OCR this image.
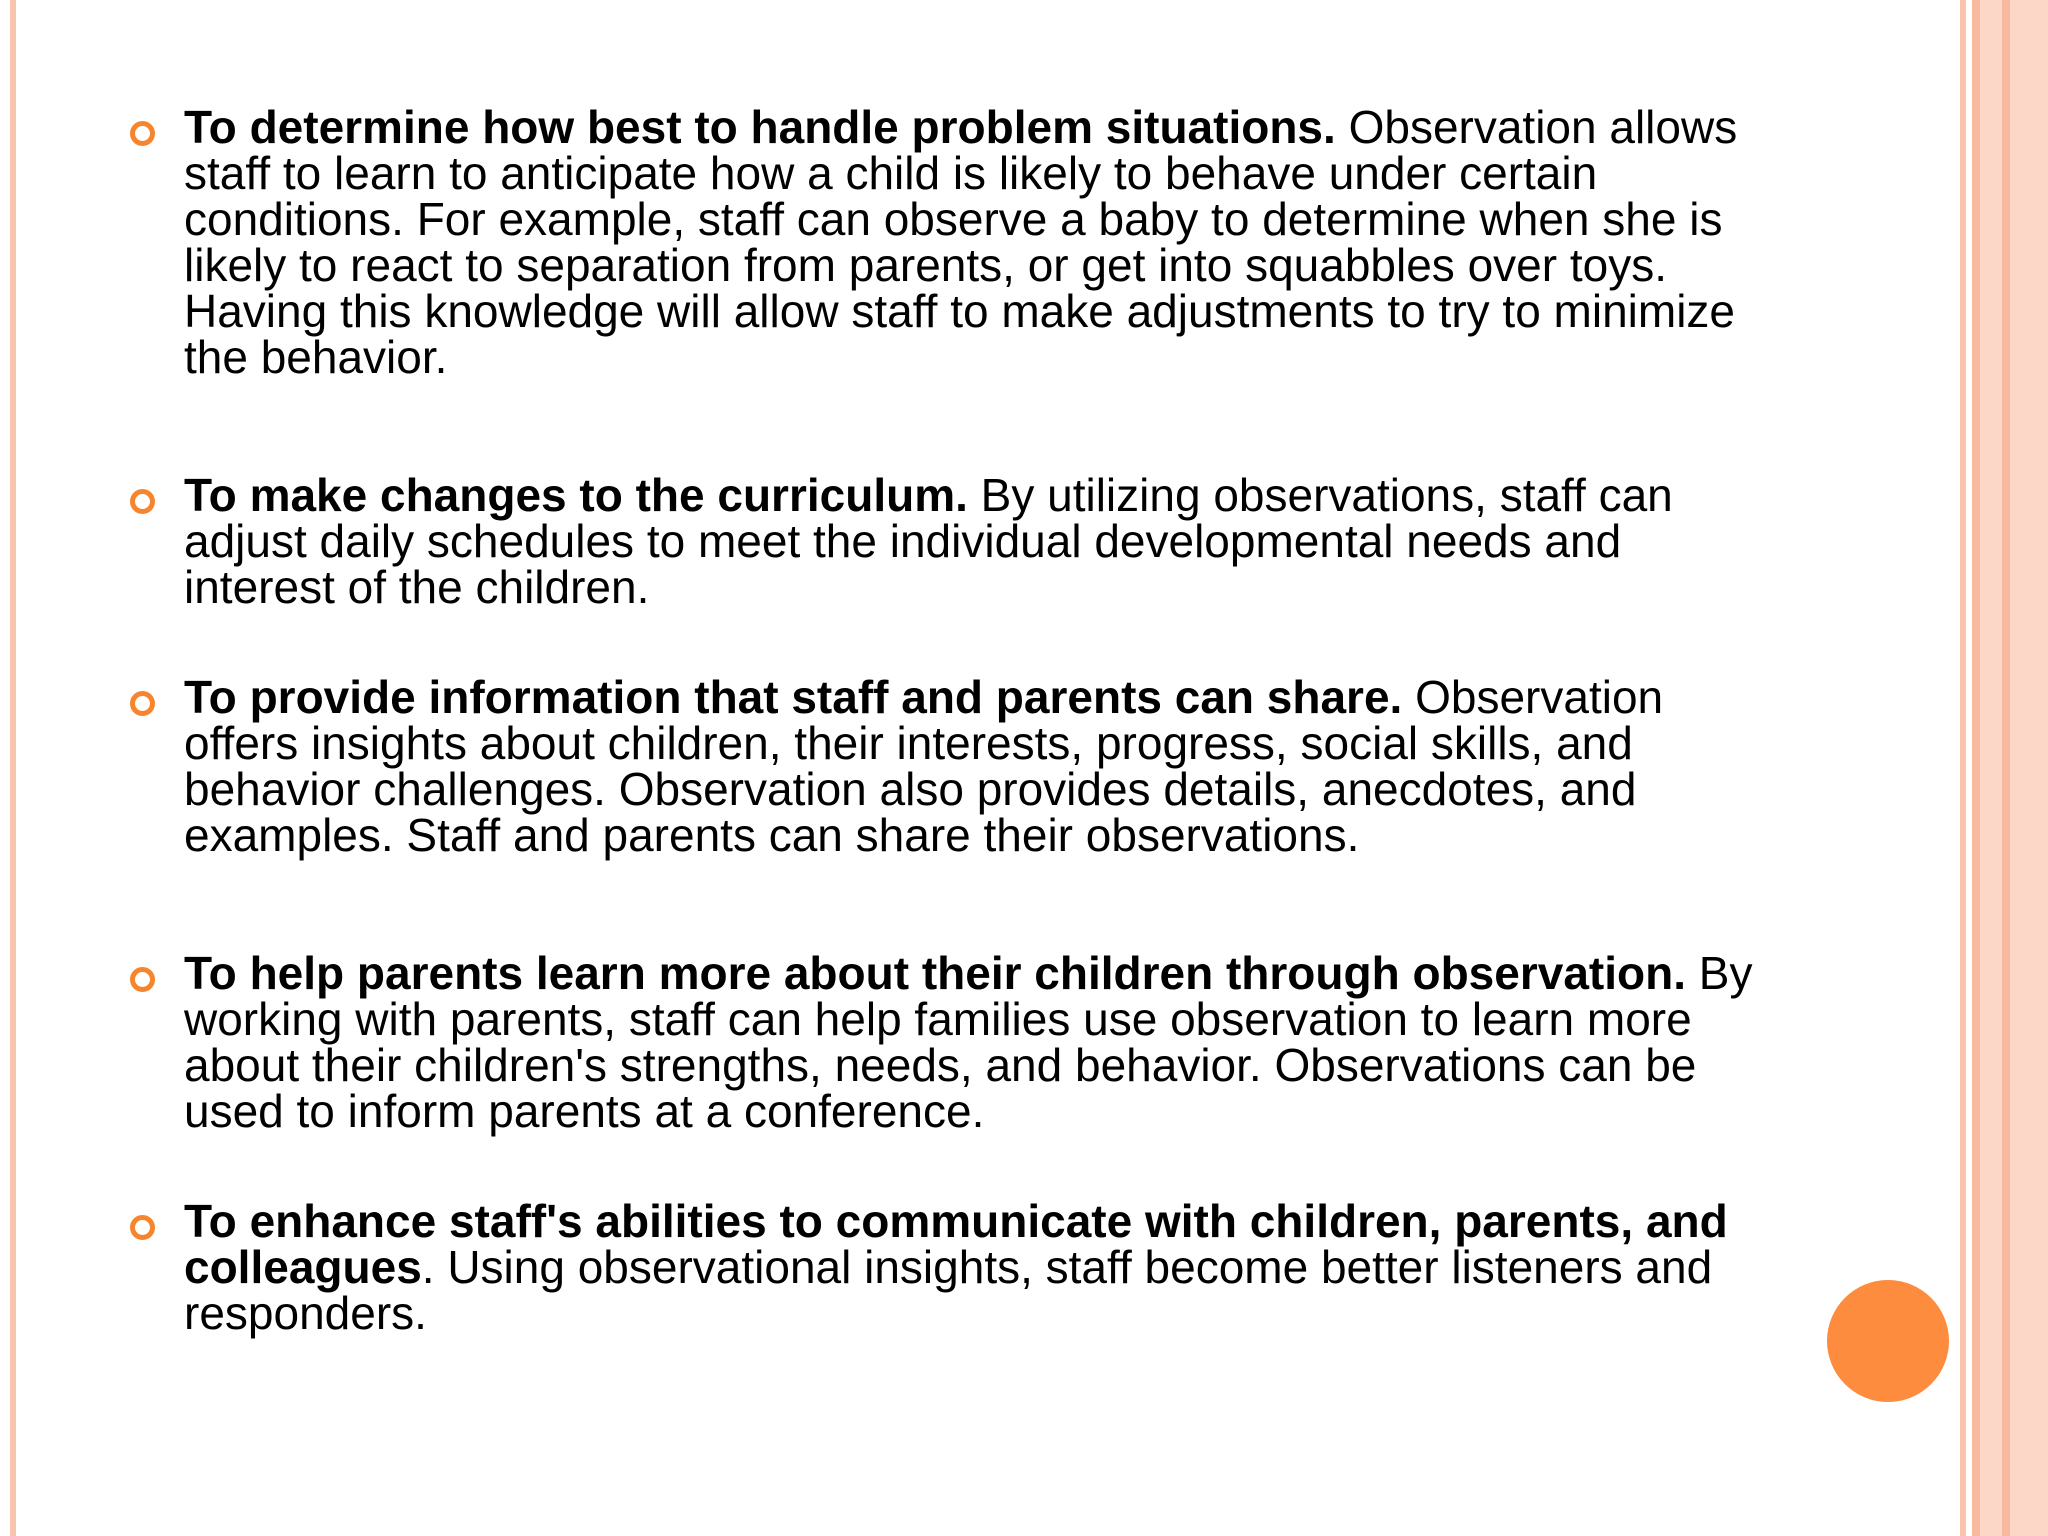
To determine how best to handle problem situations. Observation allows staff to learn to anticipate how a child is likely to behave under certain conditions. For example, staff can observe a baby to determine when she is likely to react to separation from parents, or get into squabbles over toys. Having this knowledge will allow staff to make adjustments to try to minimize the behavior.
To make changes to the curriculum. By utilizing observations, staff can adjust daily schedules to meet the individual developmental needs and interest of the children.
To provide information that staff and parents can share. Observation offers insights about children, their interests, progress, social skills, and behavior challenges. Observation also provides details, anecdotes, and examples. Staff and parents can share their observations.
To help parents learn more about their children through observation. By working with parents, staff can help families use observation to learn more about their children's strengths, needs, and behavior. Observations can be used to inform parents at a conference.
To enhance staff's abilities to communicate with children, parents, and colleagues. Using observational insights, staff become better listeners and responders.
